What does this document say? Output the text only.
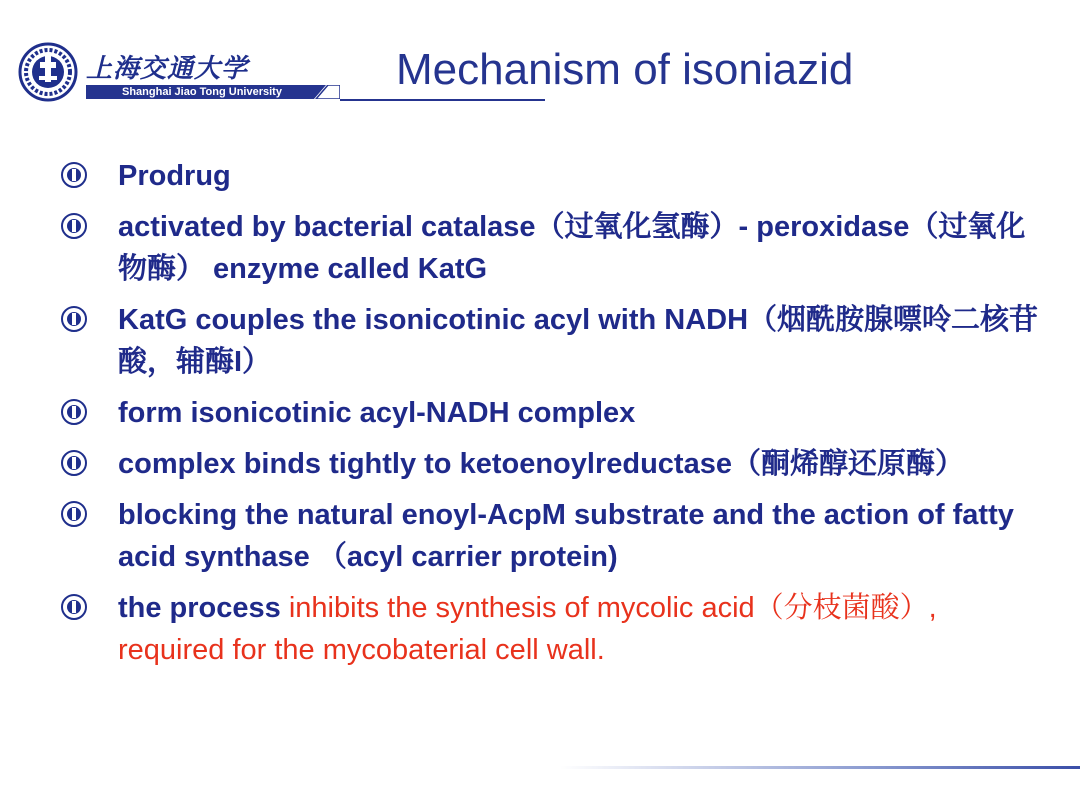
上海交通大学
Shanghai Jiao Tong University	Mechanism of isoniazid
Prodrug
activated by bacterial catalase（过氧化氢酶）- peroxidase（过氧化物酶） enzyme called KatG
KatG couples the isonicotinic acyl with NADH（烟酰胺腺嘌呤二核苷酸，辅酶I）
form isonicotinic acyl-NADH complex
complex binds tightly to ketoenoylreductase（酮烯醇还原酶）
blocking the natural enoyl-AcpM substrate and the action of fatty acid synthase （acyl carrier protein)
the process inhibits the synthesis of mycolic acid（分枝菌酸）, required for the mycobaterial cell wall.
